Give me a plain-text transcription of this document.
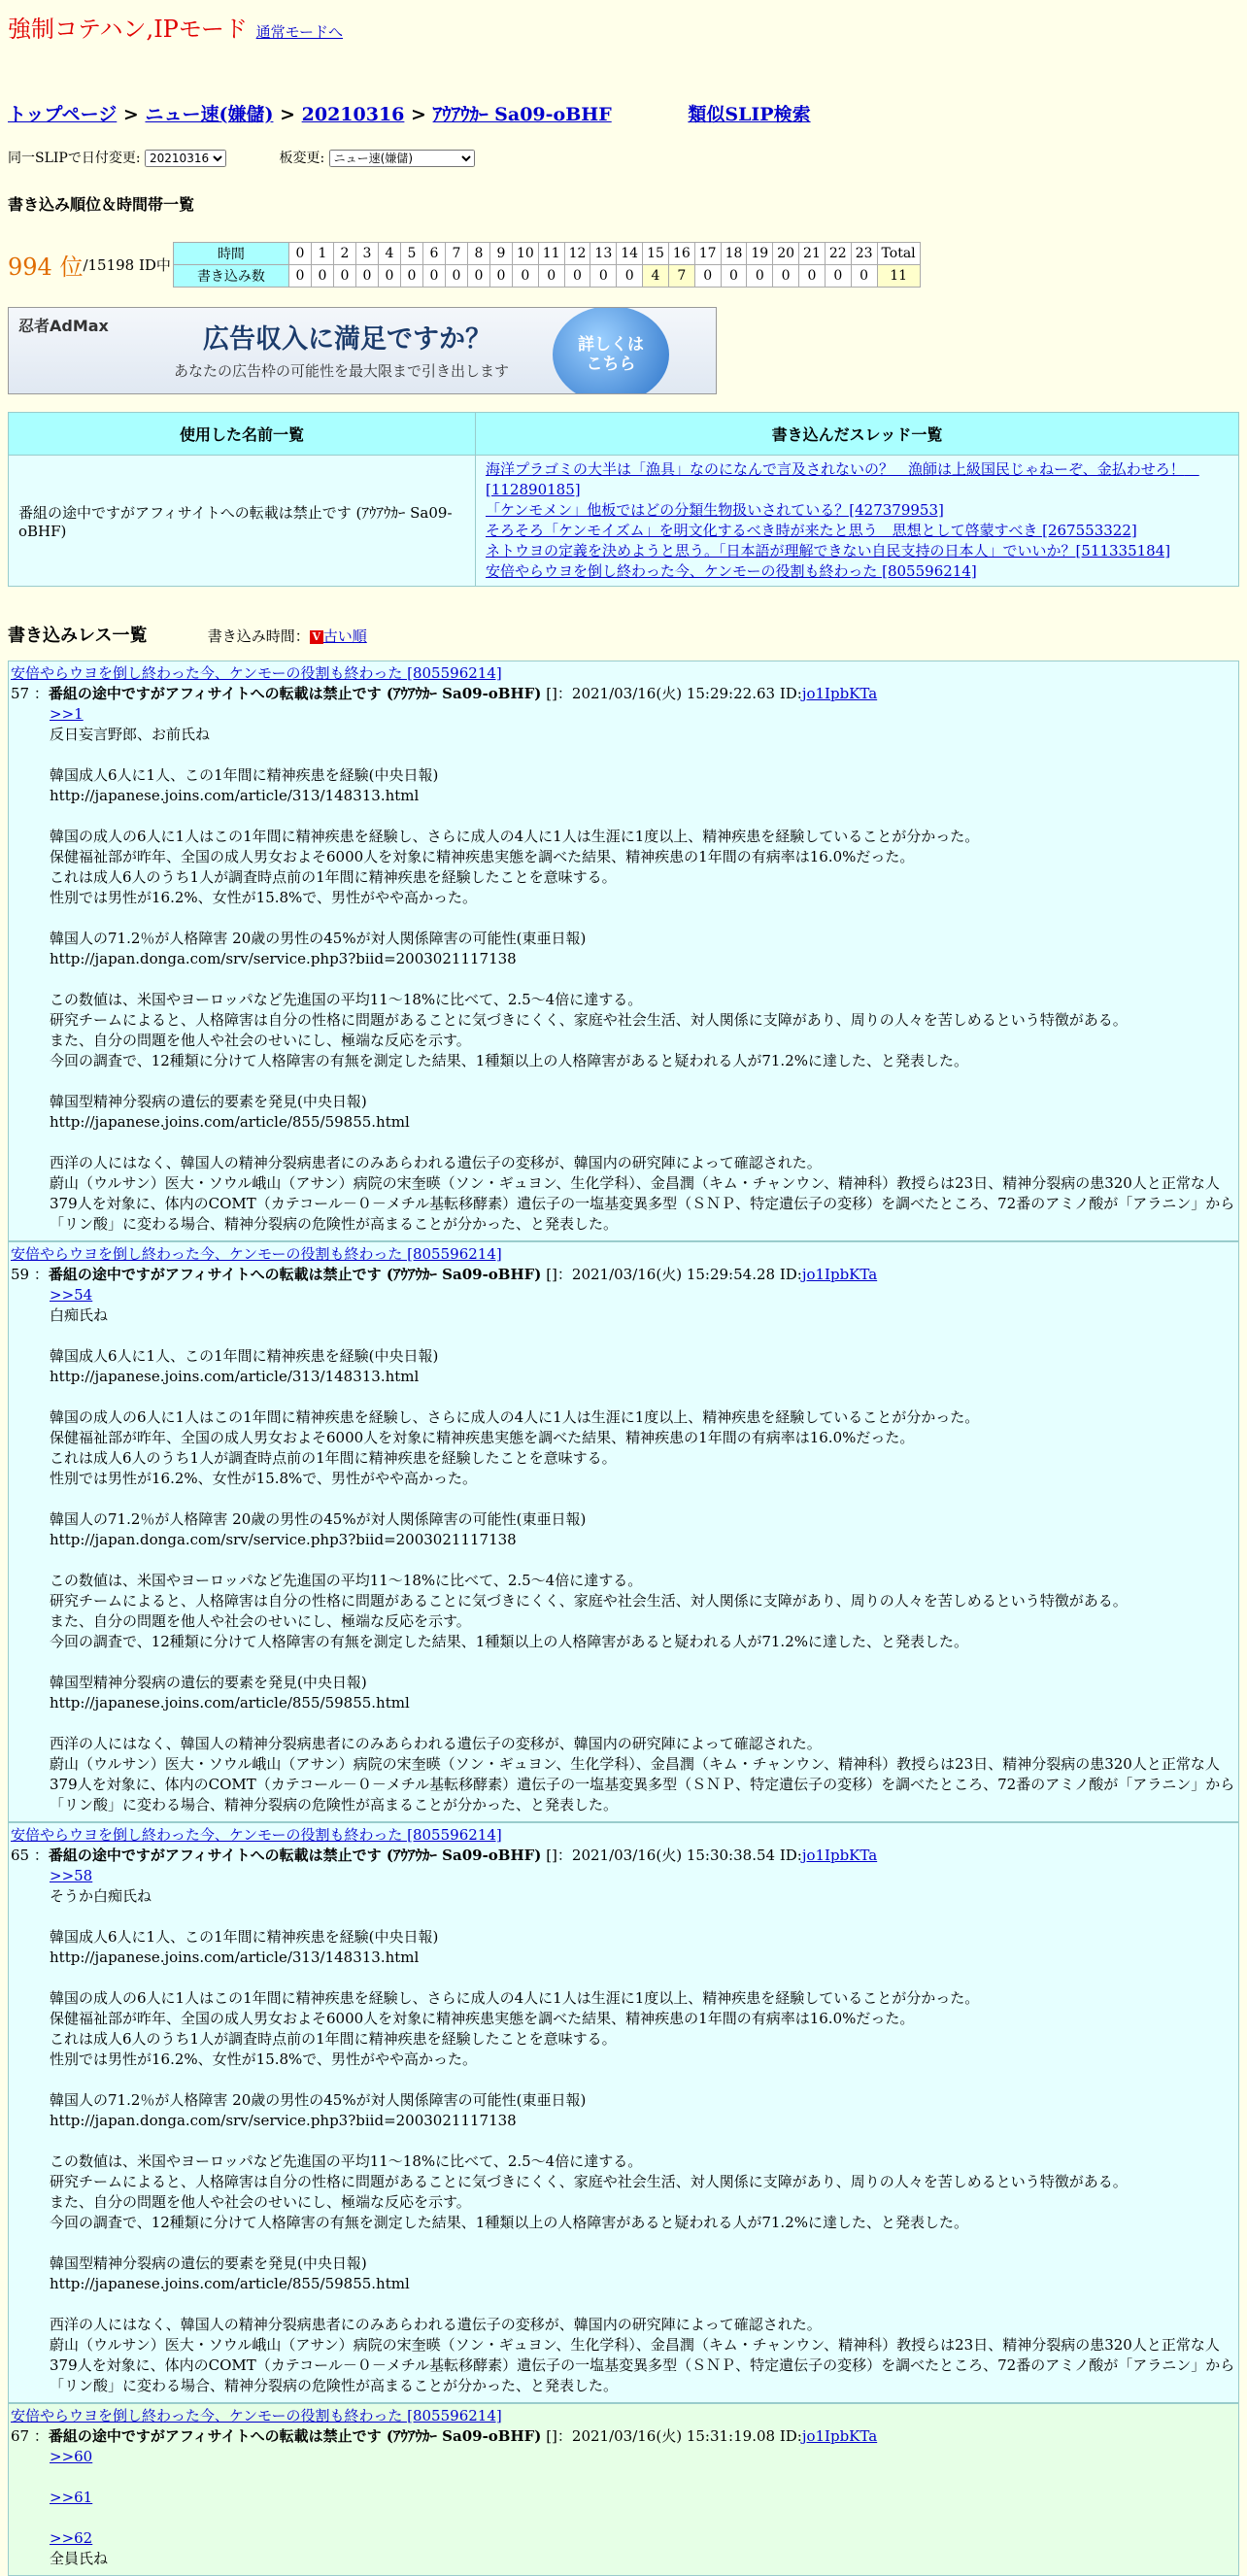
強制コテハン,IPモード 通常モードへ
トップページ > ニュー速(嫌儲) > 20210316 > ｱｳｱｳｶｰ Sa09-oBHF	類似SLIP検索
同一SLIPで日付変更:
20210316	板変更:
ニュー速(嫌儲)
書き込み順位＆時間帯一覧
994 位 /15198 ID中
時間	0	1	2	3	4	5	6	7	8	9	10	11	12	13	14	15	16	17	18	19	20	21	22	23	Total
書き込み数	0	0	0	0	0	0	0	0	0	0	0	0	0	0	0	4	7	0	0	0	0	0	0	0	11
忍者AdMax	広告収入に満足ですか？
あなたの広告枠の可能性を最大限まで引き出します
詳しくは
こちら
使用した名前一覧	書き込んだスレッド一覧
番組の途中ですがアフィサイトへの転載は禁止です (ｱｳｱｳｶｰ Sa09-oBHF)	海洋プラゴミの大半は「漁具」なのになんで言及されないの？　漁師は上級国民じゃねーぞ、金払わせろ！　[112890185]
「ケンモメン」他板ではどの分類生物扱いされている？[427379953]
そろそろ「ケンモイズム」を明文化するべき時が来たと思う　思想として啓蒙すべき [267553322]
ネトウヨの定義を決めようと思う。「日本語が理解できない自民支持の日本人」でいいか？[511335184]
安倍やらウヨを倒し終わった今、ケンモーの役割も終わった [805596214]

書き込みレス一覧	書き込み時間： V 古い順
安倍やらウヨを倒し終わった今、ケンモーの役割も終わった [805596214]
57 ：番組の途中ですがアフィサイトへの転載は禁止です (ｱｳｱｳｶｰ Sa09-oBHF) []：2021/03/16(火) 15:29:22.63 ID:jo1IpbKTa
>>1
反日妄言野郎、お前氏ね

韓国成人6人に1人、この1年間に精神疾患を経験(中央日報)
http://japanese.joins.com/article/313/148313.html

韓国の成人の6人に1人はこの1年間に精神疾患を経験し、さらに成人の4人に1人は生涯に1度以上、精神疾患を経験していることが分かった。
保健福祉部が昨年、全国の成人男女およそ6000人を対象に精神疾患実態を調べた結果、精神疾患の1年間の有病率は16.0%だった。
これは成人6人のうち1人が調査時点前の1年間に精神疾患を経験したことを意味する。
性別では男性が16.2%、女性が15.8%で、男性がやや高かった。

韓国人の71.2％が人格障害 20歳の男性の45%が対人関係障害の可能性(東亜日報)
http://japan.donga.com/srv/service.php3?biid=2003021117138

この数値は、米国やヨーロッパなど先進国の平均11～18%に比べて、2.5～4倍に達する。
研究チームによると、人格障害は自分の性格に問題があることに気づきにくく、家庭や社会生活、対人関係に支障があり、周りの人々を苦しめるという特徴がある。
また、自分の問題を他人や社会のせいにし、極端な反応を示す。
今回の調査で、12種類に分けて人格障害の有無を測定した結果、1種類以上の人格障害があると疑われる人が71.2%に達した、と発表した。

韓国型精神分裂病の遺伝的要素を発見(中央日報)
http://japanese.joins.com/article/855/59855.html

西洋の人にはなく、韓国人の精神分裂病患者にのみあらわれる遺伝子の変移が、韓国内の研究陣によって確認された。
蔚山（ウルサン）医大・ソウル峨山（アサン）病院の宋奎暎（ソン・ギュヨン、生化学科）、金昌潤（キム・チャンウン、精神科）教授らは23日、精神分裂病の患320人と正常な人379人を対象に、体内のCOMT（カテコール－０－メチル基転移酵素）遺伝子の一塩基変異多型（ＳＮＰ、特定遺伝子の変移）を調べたところ、72番のアミノ酸が「アラニン」から「リン酸」に変わる場合、精神分裂病の危険性が高まることが分かった、と発表した。
安倍やらウヨを倒し終わった今、ケンモーの役割も終わった [805596214]
59 ：番組の途中ですがアフィサイトへの転載は禁止です (ｱｳｱｳｶｰ Sa09-oBHF) []：2021/03/16(火) 15:29:54.28 ID:jo1IpbKTa
>>54
白痴氏ね

韓国成人6人に1人、この1年間に精神疾患を経験(中央日報)
http://japanese.joins.com/article/313/148313.html

韓国の成人の6人に1人はこの1年間に精神疾患を経験し、さらに成人の4人に1人は生涯に1度以上、精神疾患を経験していることが分かった。
保健福祉部が昨年、全国の成人男女およそ6000人を対象に精神疾患実態を調べた結果、精神疾患の1年間の有病率は16.0%だった。
これは成人6人のうち1人が調査時点前の1年間に精神疾患を経験したことを意味する。
性別では男性が16.2%、女性が15.8%で、男性がやや高かった。

韓国人の71.2％が人格障害 20歳の男性の45%が対人関係障害の可能性(東亜日報)
http://japan.donga.com/srv/service.php3?biid=2003021117138

この数値は、米国やヨーロッパなど先進国の平均11～18%に比べて、2.5～4倍に達する。
研究チームによると、人格障害は自分の性格に問題があることに気づきにくく、家庭や社会生活、対人関係に支障があり、周りの人々を苦しめるという特徴がある。
また、自分の問題を他人や社会のせいにし、極端な反応を示す。
今回の調査で、12種類に分けて人格障害の有無を測定した結果、1種類以上の人格障害があると疑われる人が71.2%に達した、と発表した。

韓国型精神分裂病の遺伝的要素を発見(中央日報)
http://japanese.joins.com/article/855/59855.html

西洋の人にはなく、韓国人の精神分裂病患者にのみあらわれる遺伝子の変移が、韓国内の研究陣によって確認された。
蔚山（ウルサン）医大・ソウル峨山（アサン）病院の宋奎暎（ソン・ギュヨン、生化学科）、金昌潤（キム・チャンウン、精神科）教授らは23日、精神分裂病の患320人と正常な人379人を対象に、体内のCOMT（カテコール－０－メチル基転移酵素）遺伝子の一塩基変異多型（ＳＮＰ、特定遺伝子の変移）を調べたところ、72番のアミノ酸が「アラニン」から「リン酸」に変わる場合、精神分裂病の危険性が高まることが分かった、と発表した。
安倍やらウヨを倒し終わった今、ケンモーの役割も終わった [805596214]
65 ：番組の途中ですがアフィサイトへの転載は禁止です (ｱｳｱｳｶｰ Sa09-oBHF) []：2021/03/16(火) 15:30:38.54 ID:jo1IpbKTa
>>58
そうか白痴氏ね

韓国成人6人に1人、この1年間に精神疾患を経験(中央日報)
http://japanese.joins.com/article/313/148313.html

韓国の成人の6人に1人はこの1年間に精神疾患を経験し、さらに成人の4人に1人は生涯に1度以上、精神疾患を経験していることが分かった。
保健福祉部が昨年、全国の成人男女およそ6000人を対象に精神疾患実態を調べた結果、精神疾患の1年間の有病率は16.0%だった。
これは成人6人のうち1人が調査時点前の1年間に精神疾患を経験したことを意味する。
性別では男性が16.2%、女性が15.8%で、男性がやや高かった。

韓国人の71.2％が人格障害 20歳の男性の45%が対人関係障害の可能性(東亜日報)
http://japan.donga.com/srv/service.php3?biid=2003021117138

この数値は、米国やヨーロッパなど先進国の平均11～18%に比べて、2.5～4倍に達する。
研究チームによると、人格障害は自分の性格に問題があることに気づきにくく、家庭や社会生活、対人関係に支障があり、周りの人々を苦しめるという特徴がある。
また、自分の問題を他人や社会のせいにし、極端な反応を示す。
今回の調査で、12種類に分けて人格障害の有無を測定した結果、1種類以上の人格障害があると疑われる人が71.2%に達した、と発表した。

韓国型精神分裂病の遺伝的要素を発見(中央日報)
http://japanese.joins.com/article/855/59855.html

西洋の人にはなく、韓国人の精神分裂病患者にのみあらわれる遺伝子の変移が、韓国内の研究陣によって確認された。
蔚山（ウルサン）医大・ソウル峨山（アサン）病院の宋奎暎（ソン・ギュヨン、生化学科）、金昌潤（キム・チャンウン、精神科）教授らは23日、精神分裂病の患320人と正常な人379人を対象に、体内のCOMT（カテコール－０－メチル基転移酵素）遺伝子の一塩基変異多型（ＳＮＰ、特定遺伝子の変移）を調べたところ、72番のアミノ酸が「アラニン」から「リン酸」に変わる場合、精神分裂病の危険性が高まることが分かった、と発表した。
安倍やらウヨを倒し終わった今、ケンモーの役割も終わった [805596214]
67 ：番組の途中ですがアフィサイトへの転載は禁止です (ｱｳｱｳｶｰ Sa09-oBHF) []：2021/03/16(火) 15:31:19.08 ID:jo1IpbKTa
>>60

>>61

>>62
全員氏ね
